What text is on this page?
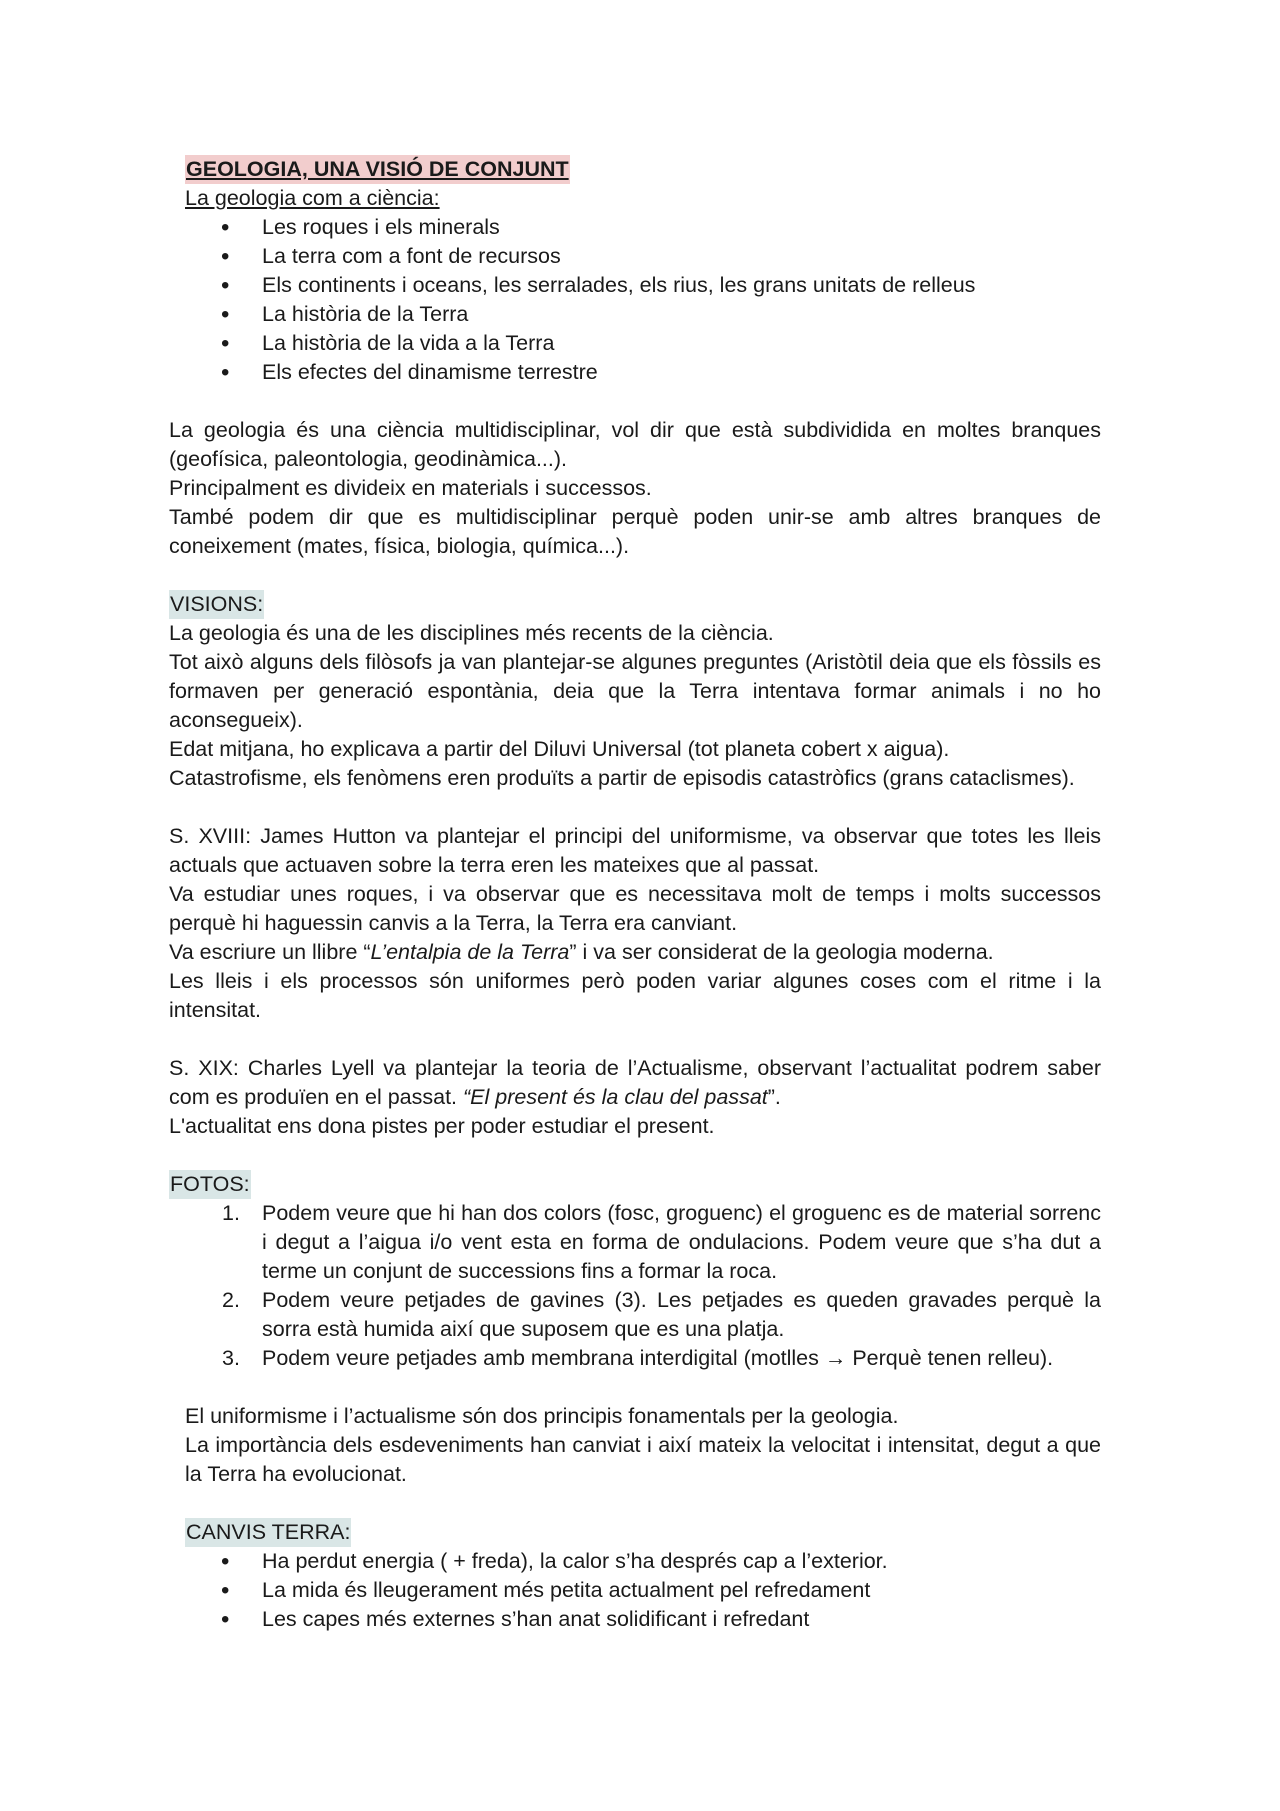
GEOLOGIA, UNA VISIÓ DE CONJUNT
La geologia com a ciència:
• Les roques i els minerals
• La terra com a font de recursos
• Els continents i oceans, les serralades, els rius, les grans unitats de relleus
• La història de la Terra
• La història de la vida a la Terra
• Els efectes del dinamisme terrestre

La geologia és una ciència multidisciplinar, vol dir que està subdividida en moltes branques (geofísica, paleontologia, geodinàmica...).

Principalment es divideix en materials i successos.

També podem dir que es multidisciplinar perquè poden unir-se amb altres branques de coneixement (mates, física, biologia, química...).

VISIONS:

La geologia és una de les disciplines més recents de la ciència.

Tot això alguns dels filòsofs ja van plantejar-se algunes preguntes (Aristòtil deia que els fòssils es formaven per generació espontània, deia que la Terra intentava formar animals i no ho aconsegueix).

Edat mitjana, ho explicava a partir del Diluvi Universal (tot planeta cobert x aigua).

Catastrofisme, els fenòmens eren produïts a partir de episodis catastròfics (grans cataclismes).

S. XVIII: James Hutton va plantejar el principi del uniformisme, va observar que totes les lleis actuals que actuaven sobre la terra eren les mateixes que al passat.

Va estudiar unes roques, i va observar que es necessitava molt de temps i molts successos perquè hi haguessin canvis a la Terra, la Terra era canviant.

Va escriure un llibre “L’entalpia de la Terra” i va ser considerat de la geologia moderna.

Les lleis i els processos són uniformes però poden variar algunes coses com el ritme i la intensitat.

S. XIX: Charles Lyell va plantejar la teoria de l’Actualisme, observant l’actualitat podrem saber com es produïen en el passat. “El present és la clau del passat”.

L'actualitat ens dona pistes per poder estudiar el present.

FOTOS:
1. Podem veure que hi han dos colors (fosc, groguenc) el groguenc es de material sorrenc i degut a l’aigua i/o vent esta en forma de ondulacions. Podem veure que s’ha dut a terme un conjunt de successions fins a formar la roca.
2. Podem veure petjades de gavines (3). Les petjades es queden gravades perquè la sorra està humida així que suposem que es una platja.
3. Podem veure petjades amb membrana interdigital (motlles → Perquè tenen relleu).

El uniformisme i l’actualisme són dos principis fonamentals per la geologia.

La importància dels esdeveniments han canviat i així mateix la velocitat i intensitat, degut a que la Terra ha evolucionat.

CANVIS TERRA:
• Ha perdut energia ( + freda), la calor s’ha després cap a l’exterior.
• La mida és lleugerament més petita actualment pel refredament
• Les capes més externes s’han anat solidificant i refredant
